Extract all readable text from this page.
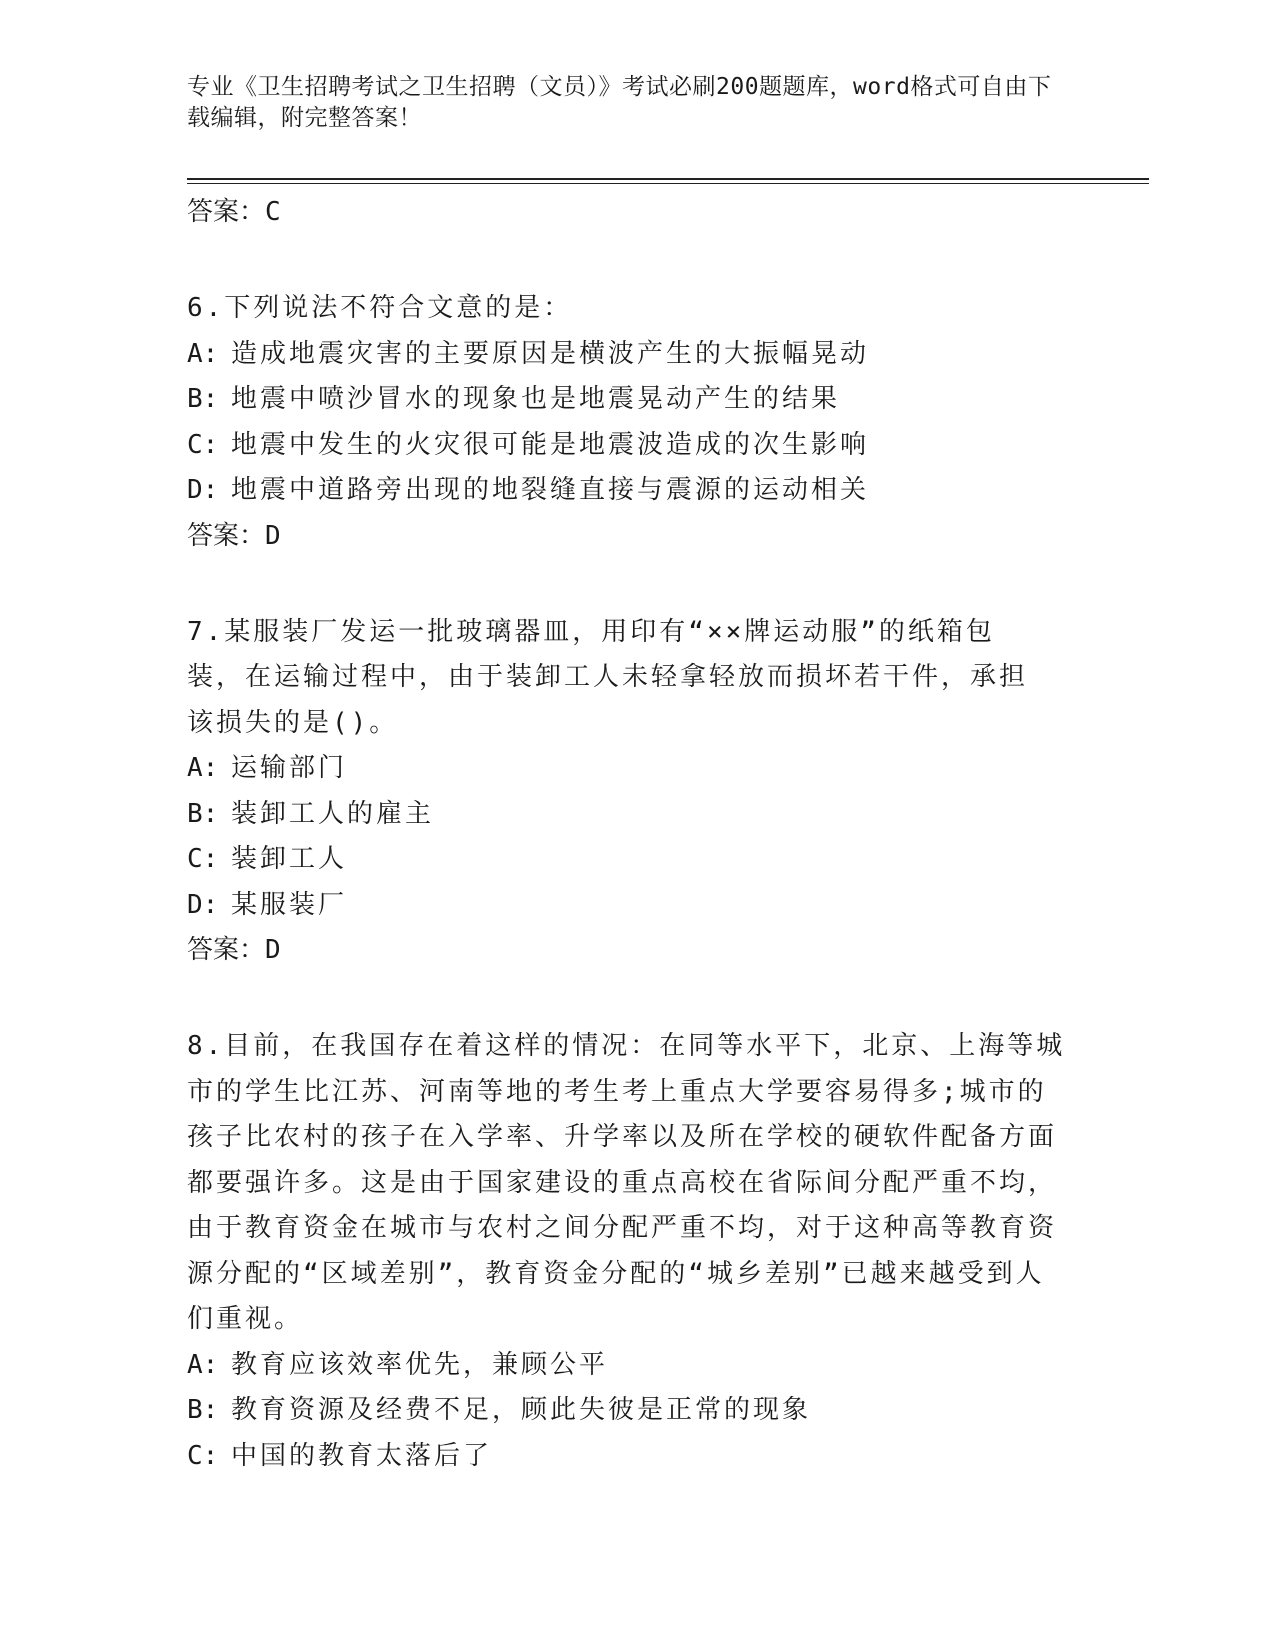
专业《卫生招聘考试之卫生招聘（文员）》考试必刷200题题库，word格式可自由下载编辑，附完整答案！

答案：C

6.下列说法不符合文意的是：

A: 造成地震灾害的主要原因是横波产生的大振幅晃动

B: 地震中喷沙冒水的现象也是地震晃动产生的结果

C: 地震中发生的火灾很可能是地震波造成的次生影响

D: 地震中道路旁出现的地裂缝直接与震源的运动相关

答案：D

7.某服装厂发运一批玻璃器皿，用印有“××牌运动服”的纸箱包装，在运输过程中，由于装卸工人未轻拿轻放而损坏若干件，承担该损失的是()。

A: 运输部门

B: 装卸工人的雇主

C: 装卸工人

D: 某服装厂

答案：D

8.目前，在我国存在着这样的情况：在同等水平下，北京、上海等城市的学生比江苏、河南等地的考生考上重点大学要容易得多;城市的孩子比农村的孩子在入学率、升学率以及所在学校的硬软件配备方面都要强许多。这是由于国家建设的重点高校在省际间分配严重不均，由于教育资金在城市与农村之间分配严重不均，对于这种高等教育资源分配的“区域差别”，教育资金分配的“城乡差别”已越来越受到人们重视。

A: 教育应该效率优先，兼顾公平

B: 教育资源及经费不足，顾此失彼是正常的现象

C: 中国的教育太落后了
